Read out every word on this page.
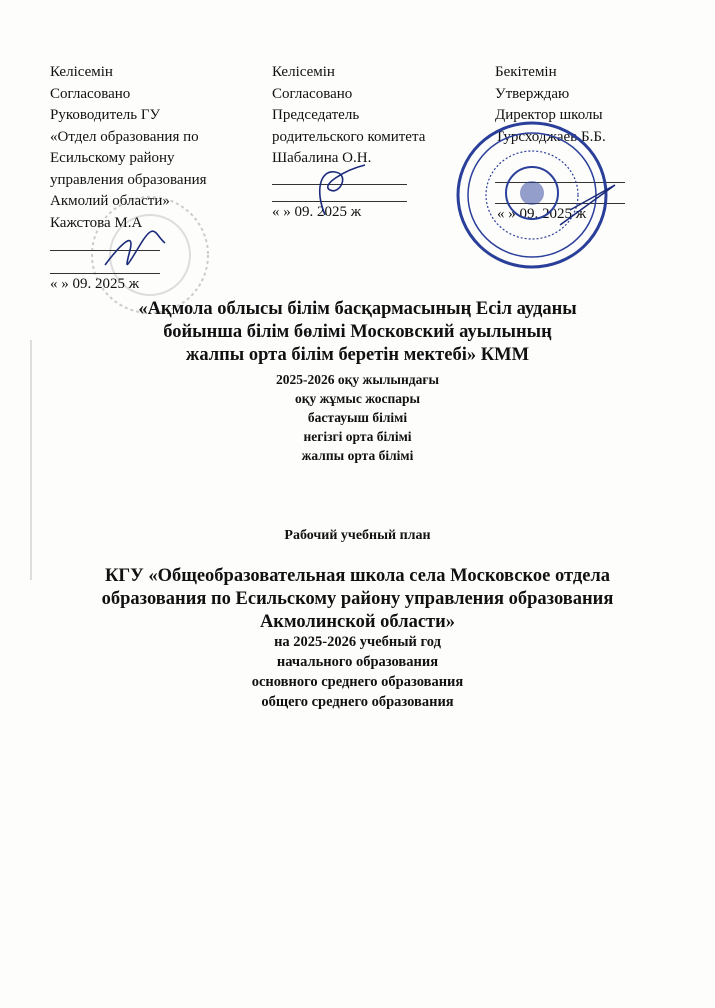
Келісемін
Согласовано
Руководитель ГУ
«Отдел образования по
Есильскому району
управления образования
Акмолий области»
Кажстова М.А
« » 09. 2025 ж
Келісемін
Согласовано
Председатель
родительского комитета
Шабалина О.Н.
« » 09. 2025 ж
Бекітемін
Утверждаю
Директор школы
Турсходжаев Б.Б.
« » 09. 2025 ж
«Ақмола облысы білім басқармасының Есіл ауданы
бойынша білім бөлімі Московский ауылының
жалпы орта білім беретін мектебі» КММ
2025-2026 оқу жылындағы
оқу жұмыс жоспары
бастауыш білімі
негізгі орта білімі
жалпы орта білімі
Рабочий учебный план
КГУ «Общеобразовательная школа села Московское отдела
образования по Есильскому району управления образования
Акмолинской области»
на 2025-2026 учебный год
начального образования
основного среднего образования
общего среднего образования
